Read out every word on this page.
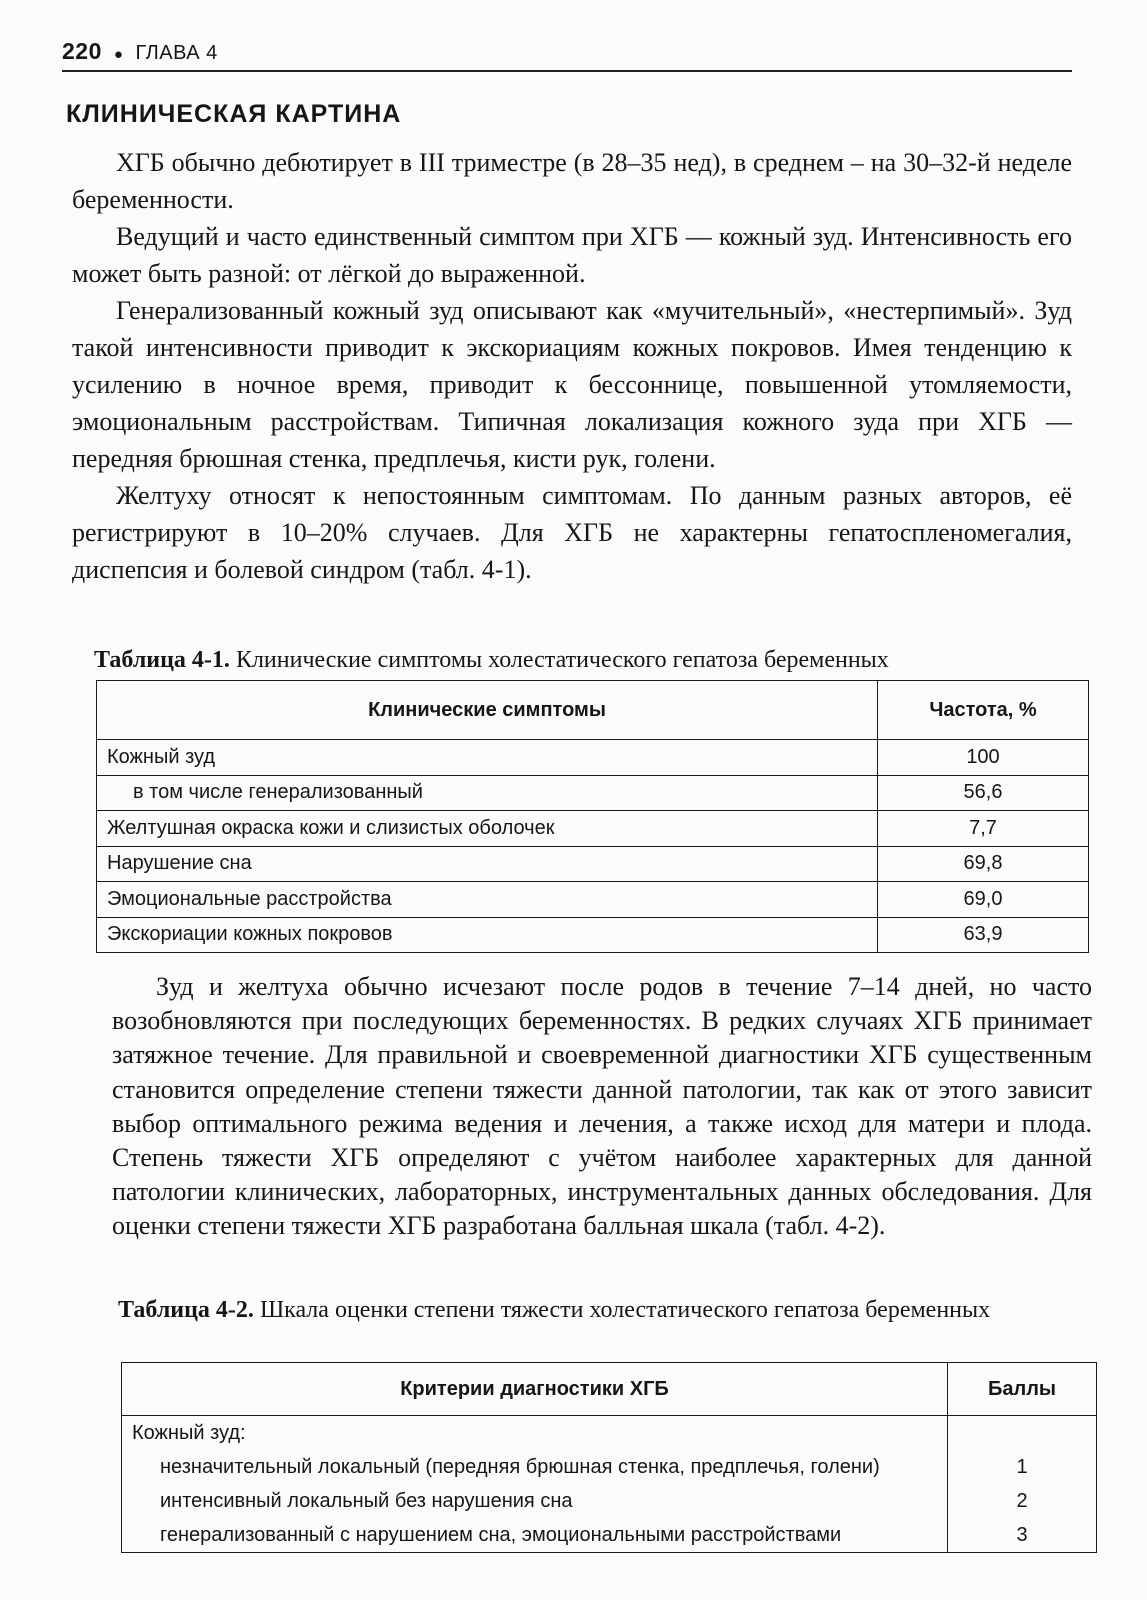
220 ● ГЛАВА 4
КЛИНИЧЕСКАЯ КАРТИНА

ХГБ обычно дебютирует в III триместре (в 28–35 нед), в среднем – на 30–32-й неделе беременности.

Ведущий и часто единственный симптом при ХГБ — кожный зуд. Интенсивность его может быть разной: от лёгкой до выраженной.

Генерализованный кожный зуд описывают как «мучительный», «нестерпимый». Зуд такой интенсивности приводит к экскориациям кожных покровов. Имея тенденцию к усилению в ночное время, приводит к бессоннице, повышенной утомляемости, эмоциональным расстройствам. Типичная локализация кожного зуда при ХГБ — передняя брюшная стенка, предплечья, кисти рук, голени.

Желтуху относят к непостоянным симптомам. По данным разных авторов, её регистрируют в 10–20% случаев. Для ХГБ не характерны гепатоспленомегалия, диспепсия и болевой синдром (табл. 4-1).

Таблица 4-1. Клинические симптомы холестатического гепатоза беременных
Клинические симптомы	Частота, %
Кожный зуд	100
в том числе генерализованный	56,6
Желтушная окраска кожи и слизистых оболочек	7,7
Нарушение сна	69,8
Эмоциональные расстройства	69,0
Экскориации кожных покровов	63,9

Зуд и желтуха обычно исчезают после родов в течение 7–14 дней, но часто возобновляются при последующих беременностях. В редких случаях ХГБ принимает затяжное течение. Для правильной и своевременной диагностики ХГБ существенным становится определение степени тяжести данной патологии, так как от этого зависит выбор оптимального режима ведения и лечения, а также исход для матери и плода. Степень тяжести ХГБ определяют с учётом наиболее характерных для данной патологии клинических, лабораторных, инструментальных данных обследования. Для оценки степени тяжести ХГБ разработана балльная шкала (табл. 4-2).

Таблица 4-2. Шкала оценки степени тяжести холестатического гепатоза беременных
Критерии диагностики ХГБ	Баллы
Кожный зуд:	
незначительный локальный (передняя брюшная стенка, предплечья, голени)	1
интенсивный локальный без нарушения сна	2
генерализованный с нарушением сна, эмоциональными расстройствами	3
